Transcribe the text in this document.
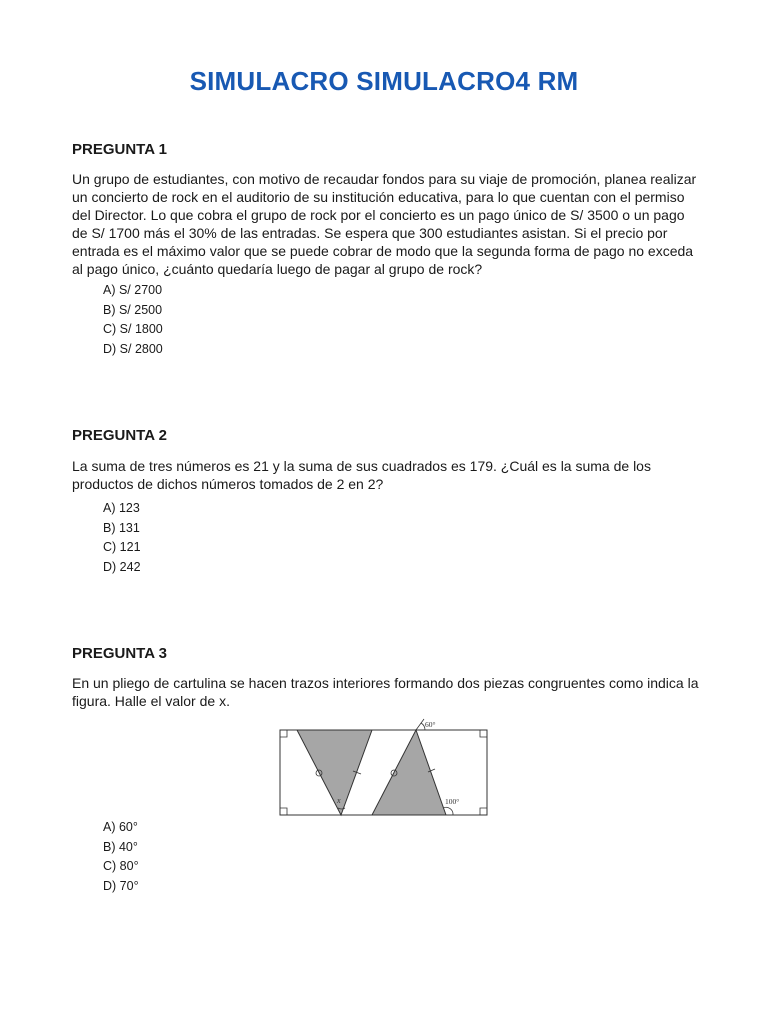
SIMULACRO SIMULACRO4 RM
PREGUNTA 1
Un grupo de estudiantes, con motivo de recaudar fondos para su viaje de promoción, planea realizar un concierto de rock en el auditorio de su institución educativa, para lo que cuentan con el permiso del Director. Lo que cobra el grupo de rock por el concierto es un pago único de S/ 3500 o un pago de S/ 1700 más el 30% de las entradas. Se espera que 300 estudiantes asistan. Si el precio por entrada es el máximo valor que se puede cobrar de modo que la segunda forma de pago no exceda al pago único, ¿cuánto quedaría luego de pagar al grupo de rock?
A) S/ 2700
B) S/ 2500
C) S/ 1800
D) S/ 2800
PREGUNTA 2
La suma de tres números es 21 y la suma de sus cuadrados es 179. ¿Cuál es la suma de los productos de dichos números tomados de 2 en 2?
A) 123
B) 131
C) 121
D) 242
PREGUNTA 3
En un pliego de cartulina se hacen trazos interiores formando dos piezas congruentes como indica la figura. Halle el valor de x.
60°
100°
x
A) 60°
B) 40°
C) 80°
D) 70°
